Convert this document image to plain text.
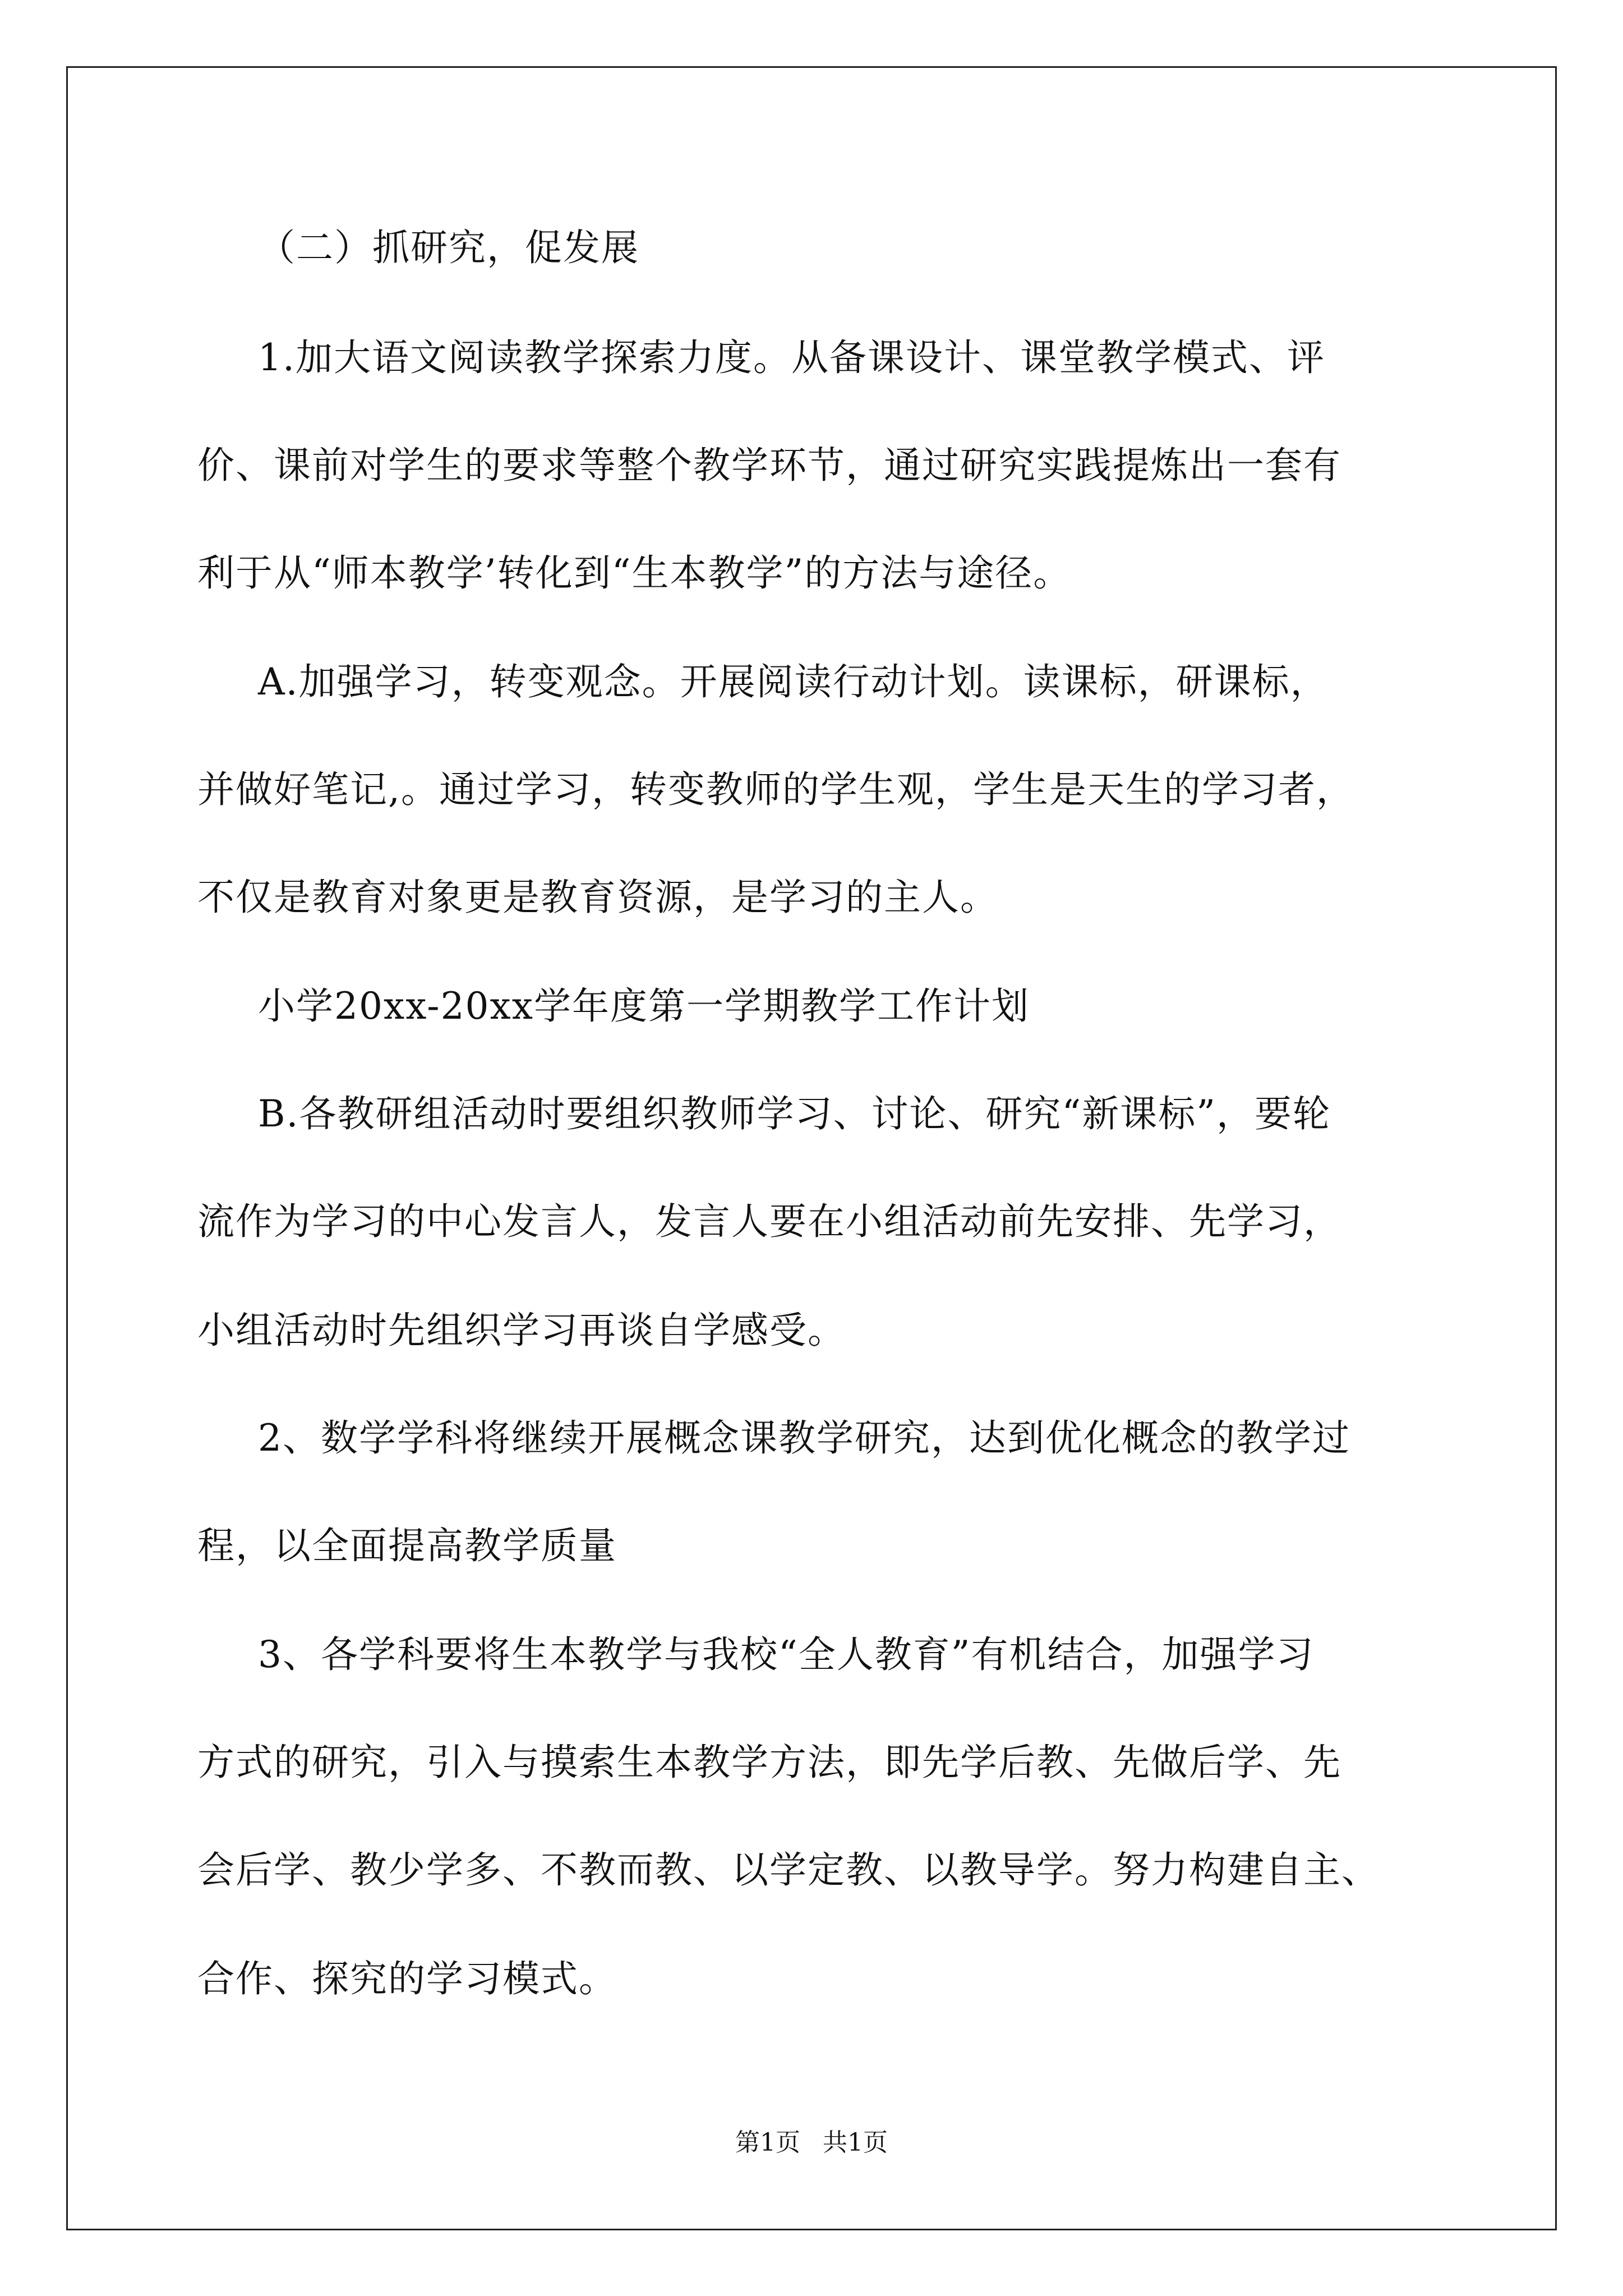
（二）抓研究，促发展
1.加大语文阅读教学探索力度。从备课设计、课堂教学模式、评
价、课前对学生的要求等整个教学环节，通过研究实践提炼出一套有
利于从“师本教学’转化到“生本教学”的方法与途径。
A.加强学习，转变观念。开展阅读行动计划。读课标，研课标，
并做好笔记,。通过学习，转变教师的学生观，学生是天生的学习者，
不仅是教育对象更是教育资源，是学习的主人。
小学20xx-20xx学年度第一学期教学工作计划
B.各教研组活动时要组织教师学习、讨论、研究“新课标”，要轮
流作为学习的中心发言人，发言人要在小组活动前先安排、先学习，
小组活动时先组织学习再谈自学感受。
2、数学学科将继续开展概念课教学研究，达到优化概念的教学过
程，以全面提高教学质量
3、各学科要将生本教学与我校“全人教育”有机结合，加强学习
方式的研究，引入与摸索生本教学方法，即先学后教、先做后学、先
会后学、教少学多、不教而教、以学定教、以教导学。努力构建自主、
合作、探究的学习模式。
第1页 共1页
